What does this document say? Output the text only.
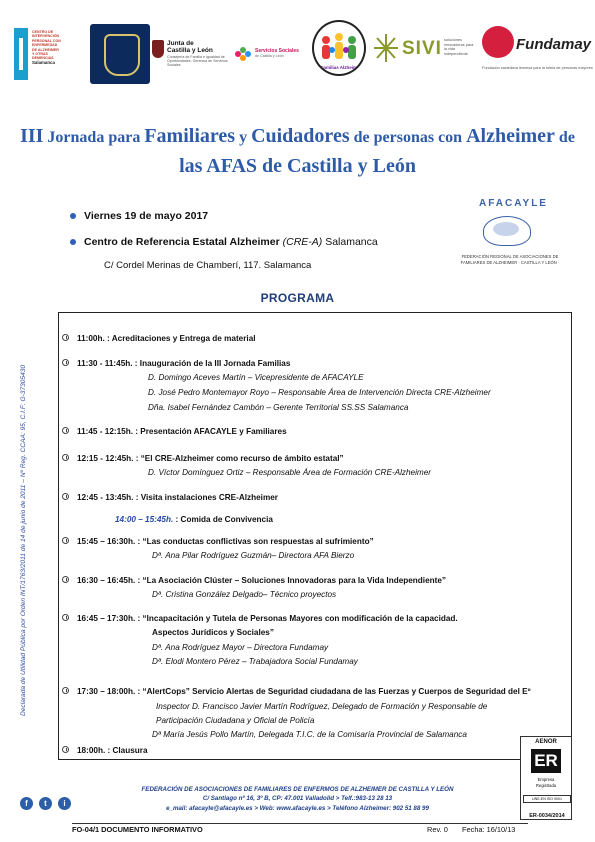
CENTRO DE
INTERVENCIÓN
PERSONAL CON
ENFERMEDAD
DE ALZHEIMER
Y OTRAS
DEMENCIAS
Salamanca
Junta de
Castilla y León
Consejería de Familia e Igualdad de Oportunidades. Gerencia de Servicios Sociales
Servicios Sociales
de Castilla y León
Familias Alzheimer
SIVI soluciones innovadoras para la vida independiente
Fundamay
Fundación castellana leonesa para la tutela de personas mayores
III Jornada para Familiares y Cuidadores de personas con Alzheimer de
las AFAS de Castilla y León
Viernes 19 de mayo 2017
Centro de Referencia Estatal Alzheimer (CRE-A) Salamanca
C/ Cordel Merinas de Chamberí, 117. Salamanca
AFACAYLE
FEDERACIÓN REGIONAL DE ASOCIACIONES DE FAMILIARES DE ALZHEIMER · CASTILLA Y LEÓN ·
PROGRAMA
11:00h. : Acreditaciones y Entrega de material
11:30 - 11:45h. : Inauguración de la III Jornada Familias
D. Domingo Aceves Martín – Vicepresidente de AFACAYLE
D. José Pedro Montemayor Royo – Responsable Área de Intervención Directa CRE-Alzheimer
Dña. Isabel Fernández Cambón – Gerente Territorial SS.SS Salamanca
11:45 - 12:15h. : Presentación AFACAYLE y Familiares
12:15 - 12:45h. : “El CRE-Alzheimer como recurso de ámbito estatal”
D. Víctor Domínguez Ortiz – Responsable Área de Formación CRE-Alzheimer
12:45 - 13:45h. : Visita instalaciones CRE-Alzheimer
14:00 – 15:45h. : Comida de Convivencia
15:45 – 16:30h. : “Las conductas conflictivas son respuestas al sufrimiento”
Dª. Ana Pilar Rodríguez Guzmán– Directora AFA Bierzo
16:30 – 16:45h. : “La Asociación Clúster – Soluciones Innovadoras para la Vida Independiente”
Dª. Cristina González Delgado– Técnico proyectos
16:45 – 17:30h. : “Incapacitación y Tutela de Personas Mayores con modificación de la capacidad.
Aspectos Jurídicos y Sociales”
Dª. Ana Rodríguez Mayor – Directora Fundamay
Dª. Elodi Montero Pérez – Trabajadora Social Fundamay
17:30 – 18:00h. : “AlertCops” Servicio Alertas de Seguridad ciudadana de las Fuerzas y Cuerpos de Seguridad del Eº
Inspector D. Francisco Javier Martín Rodríguez, Delegado de Formación y Responsable de
Participación Ciudadana y Oficial de Policía
Dª María Jesús Pollo Martín, Delegada T.I.C. de la Comisaría Provincial de Salamanca
18:00h. : Clausura
Declarada de Utilidad Pública por Orden INT/1763/2011 de 14 de junio de 2011 – Nº Reg. CCAA: 95, C.I.F: G-37305430
FEDERACIÓN DE ASOCIACIONES DE FAMILIARES DE ENFERMOS DE ALZHEIMER DE CASTILLA Y LEÓN
C/ Santiago nº 16, 3º B, CP: 47.001 Valladolid > Telf.:983-13 28 13
e_mail: afacayle@afacayle.es > Web: www.afacayle.es > Teléfono Alzheimer: 902 51 88 99
f	t	i
AENOR
ER
Empresa
Registrada
UNE-EN ISO 9001
ER-0034/2014
FO-04/1 DOCUMENTO INFORMATIVO	Rev. 0 Fecha: 16/10/13
